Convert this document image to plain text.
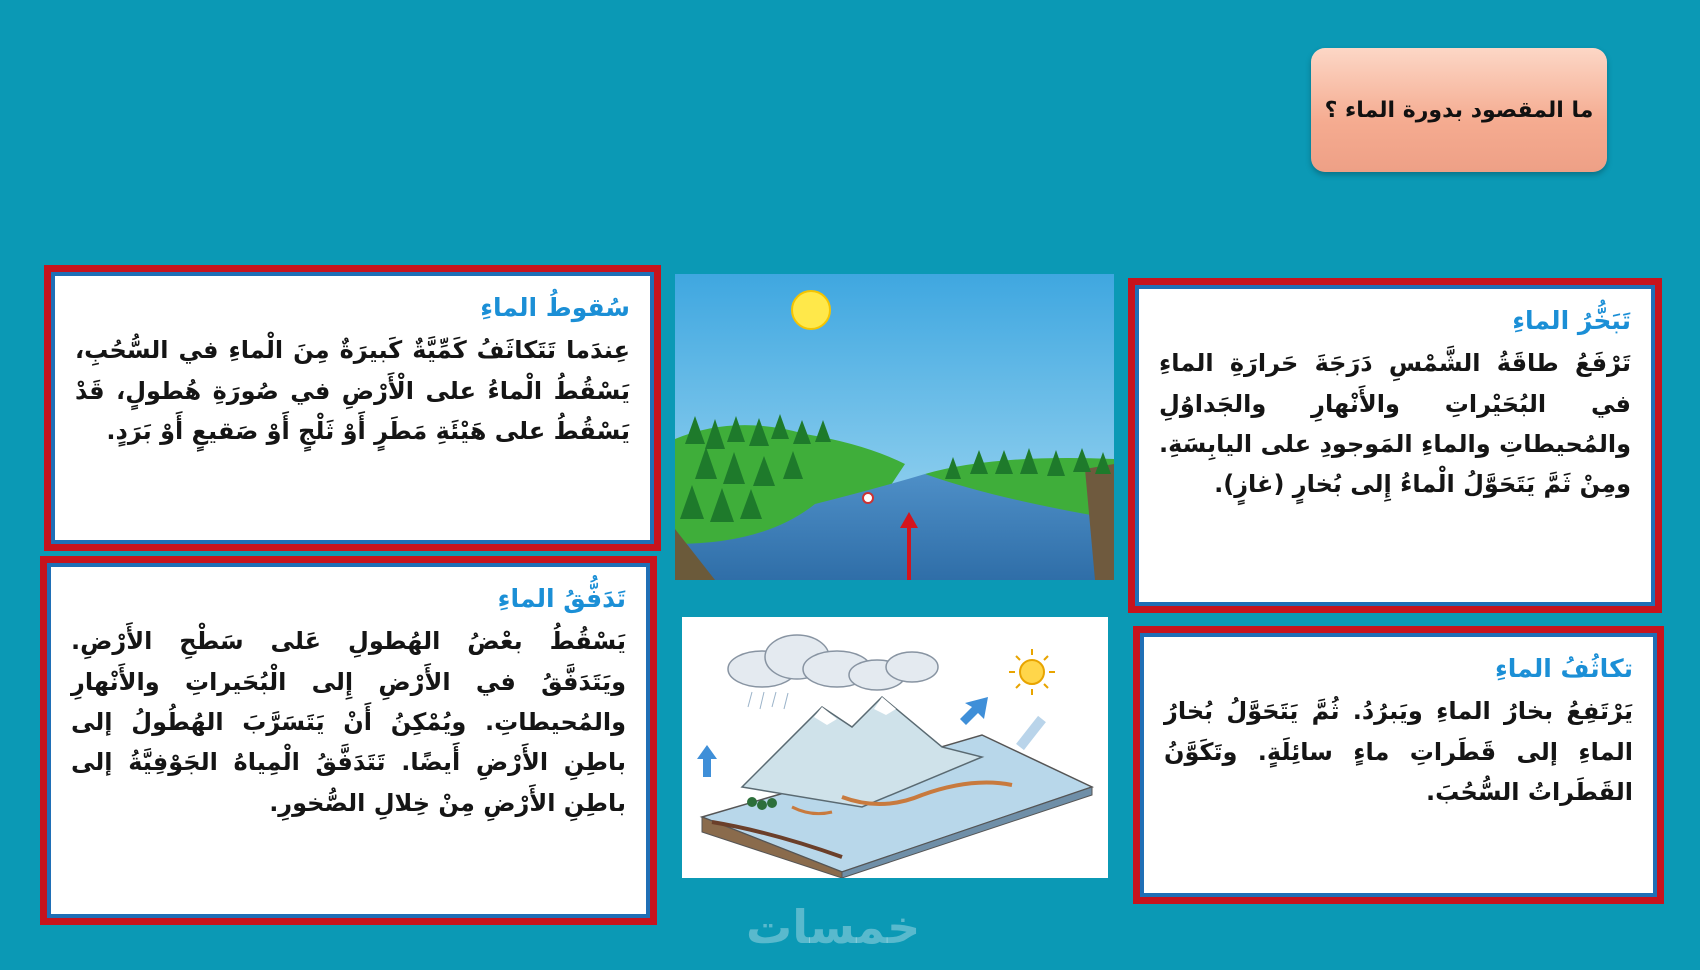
ما المقصود بدورة الماء ؟

سُقوطُ الماءِ

عِندَما تَتَكاثَفُ كَمِّيَّةٌ كَبيرَةٌ مِنَ الْماءِ في السُّحُبِ، يَسْقُطُ الْماءُ على الْأَرْضِ في صُورَةِ هُطولٍ، قَدْ يَسْقُطُ على هَيْئَةِ مَطَرٍ أَوْ ثَلْجٍ أَوْ صَقيعٍ أَوْ بَرَدٍ.

تَدَفُّقُ الماءِ

يَسْقُطُ بعْضُ الهُطولِ عَلى سَطْحِ الأَرْضِ. ويَتَدَفَّقُ في الأَرْضِ إِلى الْبُحَيراتِ والأَنْهارِ والمُحيطاتِ. ويُمْكِنُ أَنْ يَتَسَرَّبَ الهُطُولُ إلى باطِنِ الأَرْضِ أَيضًا. تَتَدَفَّقُ الْمِياهُ الجَوْفِيَّةُ إلى باطِنِ الأَرْضِ مِنْ خِلالِ الصُّخورِ.

تَبَخُّرُ الماءِ

تَرْفَعُ طاقَةُ الشَّمْسِ دَرَجَةَ حَرارَةِ الماءِ في البُحَيْراتِ والأَنْهارِ والجَداوُلِ والمُحيطاتِ والماءِ المَوجودِ على اليابِسَةِ. ومِنْ ثَمَّ يَتَحَوَّلُ الْماءُ إِلى بُخارٍ (غازٍ).

تكاثُفُ الماءِ

يَرْتَفِعُ بخارُ الماءِ ويَبرُدُ. ثُمَّ يَتَحَوَّلُ بُخارُ الماءِ إلى قَطَراتِ ماءٍ سائِلَةٍ. وتَكَوَّنُ القَطَراتُ السُّحُبَ.

خمسات
